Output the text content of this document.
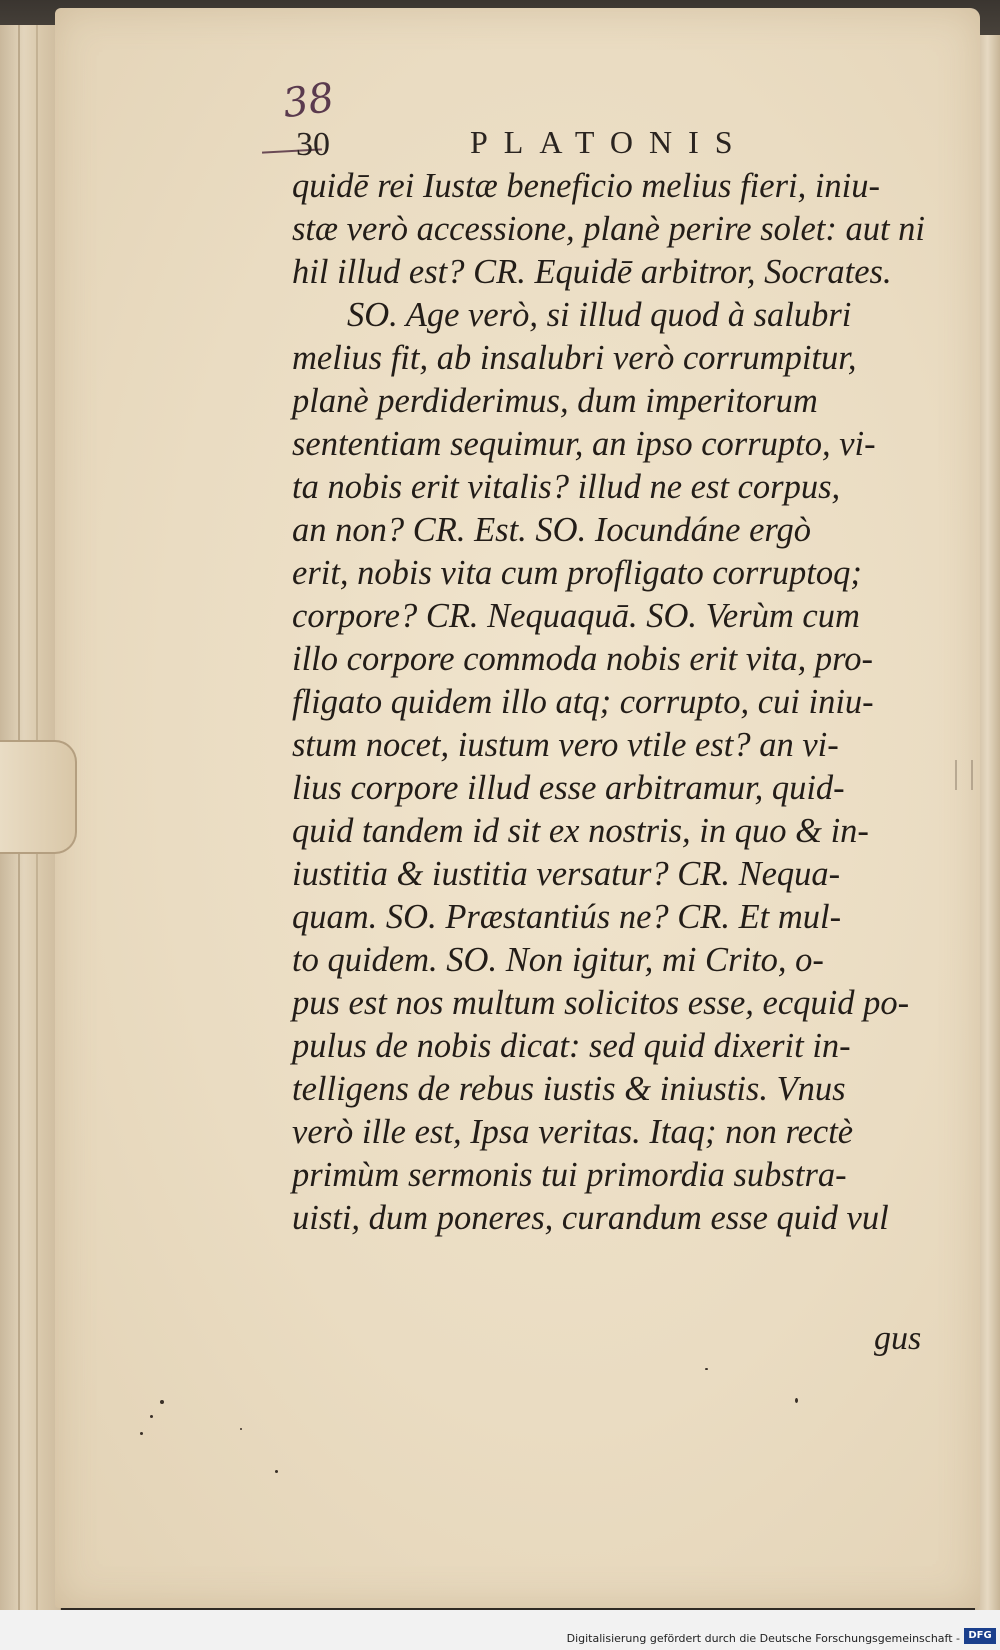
38
30	PLATONIS
quidē rei Iustæ beneficio melius fieri, iniu-
stæ verò accessione, planè perire solet: aut ni
hil illud est? CR. Equidē arbitror, Socrates.
SO. Age verò, si illud quod à salubri
melius fit, ab insalubri verò corrumpitur,
planè perdiderimus, dum imperitorum
sententiam sequimur, an ipso corrupto, vi-
ta nobis erit vitalis? illud ne est corpus,
an non? CR. Est. SO. Iocundáne ergò
erit, nobis vita cum profligato corruptoq;
corpore? CR. Nequaquā. SO. Verùm cum
illo corpore commoda nobis erit vita, pro-
fligato quidem illo atq; corrupto, cui iniu-
stum nocet, iustum vero vtile est? an vi-
lius corpore illud esse arbitramur, quid-
quid tandem id sit ex nostris, in quo & in-
iustitia & iustitia versatur? CR. Nequa-
quam. SO. Præstantiús ne? CR. Et mul-
to quidem. SO. Non igitur, mi Crito, o-
pus est nos multum solicitos esse, ecquid po-
pulus de nobis dicat: sed quid dixerit in-
telligens de rebus iustis & iniustis. Vnus
verò ille est, Ipsa veritas. Itaq; non rectè
primùm sermonis tui primordia substra-
uisti, dum poneres, curandum esse quid vul
gus
Digitalisierung gefördert durch die Deutsche Forschungsgemeinschaft - DFG
